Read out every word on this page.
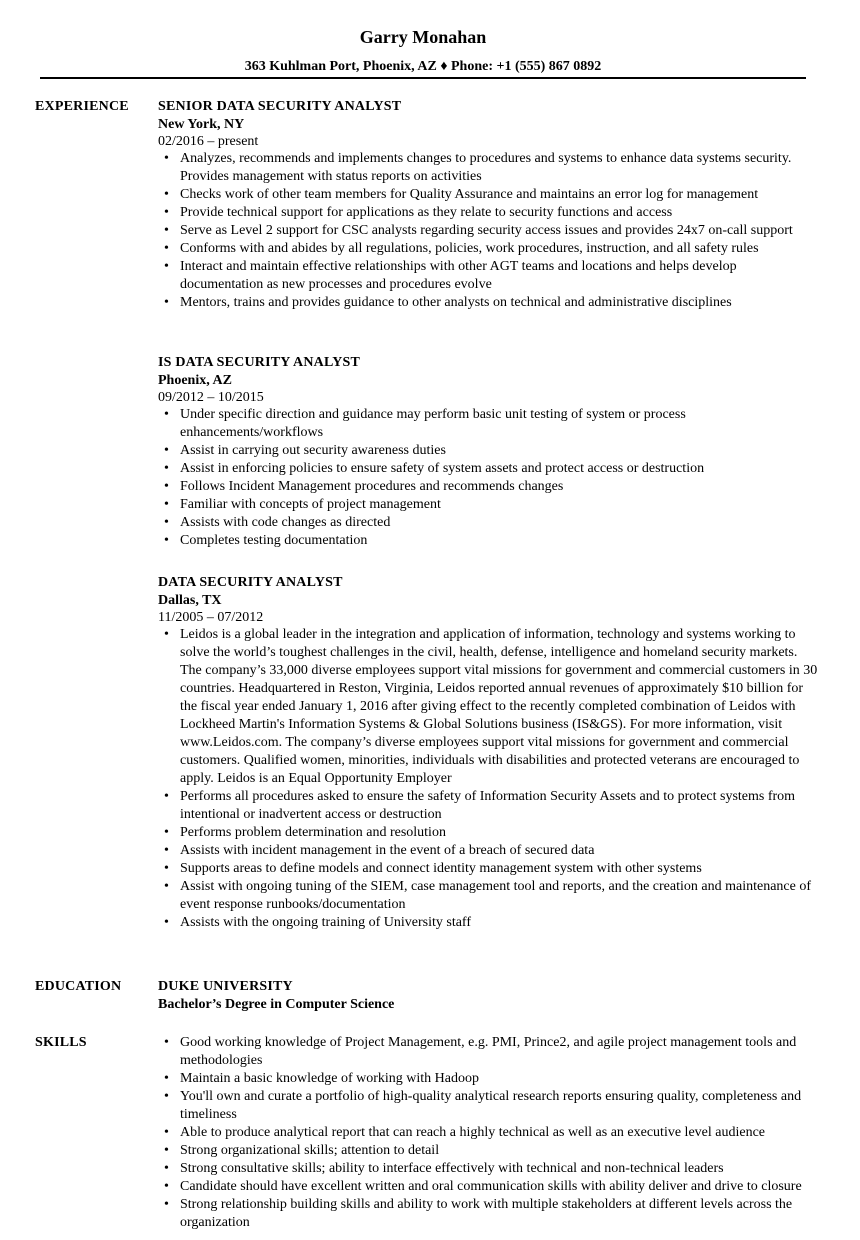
Garry Monahan
363 Kuhlman Port, Phoenix, AZ ♦ Phone: +1 (555) 867 0892
EXPERIENCE SENIOR DATA SECURITY ANALYST
New York, NY
02/2016 – present
• Analyzes, recommends and implements changes to procedures and systems to enhance data systems security. Provides management with status reports on activities
• Checks work of other team members for Quality Assurance and maintains an error log for management
• Provide technical support for applications as they relate to security functions and access
• Serve as Level 2 support for CSC analysts regarding security access issues and provides 24x7 on-call support
• Conforms with and abides by all regulations, policies, work procedures, instruction, and all safety rules
• Interact and maintain effective relationships with other AGT teams and locations and helps develop documentation as new processes and procedures evolve
• Mentors, trains and provides guidance to other analysts on technical and administrative disciplines
IS DATA SECURITY ANALYST
Phoenix, AZ
09/2012 – 10/2015
• Under specific direction and guidance may perform basic unit testing of system or process enhancements/workflows
• Assist in carrying out security awareness duties
• Assist in enforcing policies to ensure safety of system assets and protect access or destruction
• Follows Incident Management procedures and recommends changes
• Familiar with concepts of project management
• Assists with code changes as directed
• Completes testing documentation
DATA SECURITY ANALYST
Dallas, TX
11/2005 – 07/2012
• Leidos is a global leader in the integration and application of information, technology and systems working to solve the world’s toughest challenges in the civil, health, defense, intelligence and homeland security markets. The company’s 33,000 diverse employees support vital missions for government and commercial customers in 30 countries. Headquartered in Reston, Virginia, Leidos reported annual revenues of approximately $10 billion for the fiscal year ended January 1, 2016 after giving effect to the recently completed combination of Leidos with Lockheed Martin's Information Systems & Global Solutions business (IS&GS). For more information, visit www.Leidos.com. The company’s diverse employees support vital missions for government and commercial customers. Qualified women, minorities, individuals with disabilities and protected veterans are encouraged to apply. Leidos is an Equal Opportunity Employer
• Performs all procedures asked to ensure the safety of Information Security Assets and to protect systems from intentional or inadvertent access or destruction
• Performs problem determination and resolution
• Assists with incident management in the event of a breach of secured data
• Supports areas to define models and connect identity management system with other systems
• Assist with ongoing tuning of the SIEM, case management tool and reports, and the creation and maintenance of event response runbooks/documentation
• Assists with the ongoing training of University staff
EDUCATION	DUKE UNIVERSITY
Bachelor’s Degree in Computer Science
SKILLS
•	Good working knowledge of Project Management, e.g. PMI, Prince2, and agile project management tools and methodologies
• Maintain a basic knowledge of working with Hadoop
• You'll own and curate a portfolio of high-quality analytical research reports ensuring quality, completeness and timeliness
• Able to produce analytical report that can reach a highly technical as well as an executive level audience
• Strong organizational skills; attention to detail
• Strong consultative skills; ability to interface effectively with technical and non-technical leaders
• Candidate should have excellent written and oral communication skills with ability deliver and drive to closure
• Strong relationship building skills and ability to work with multiple stakeholders at different levels across the organization
